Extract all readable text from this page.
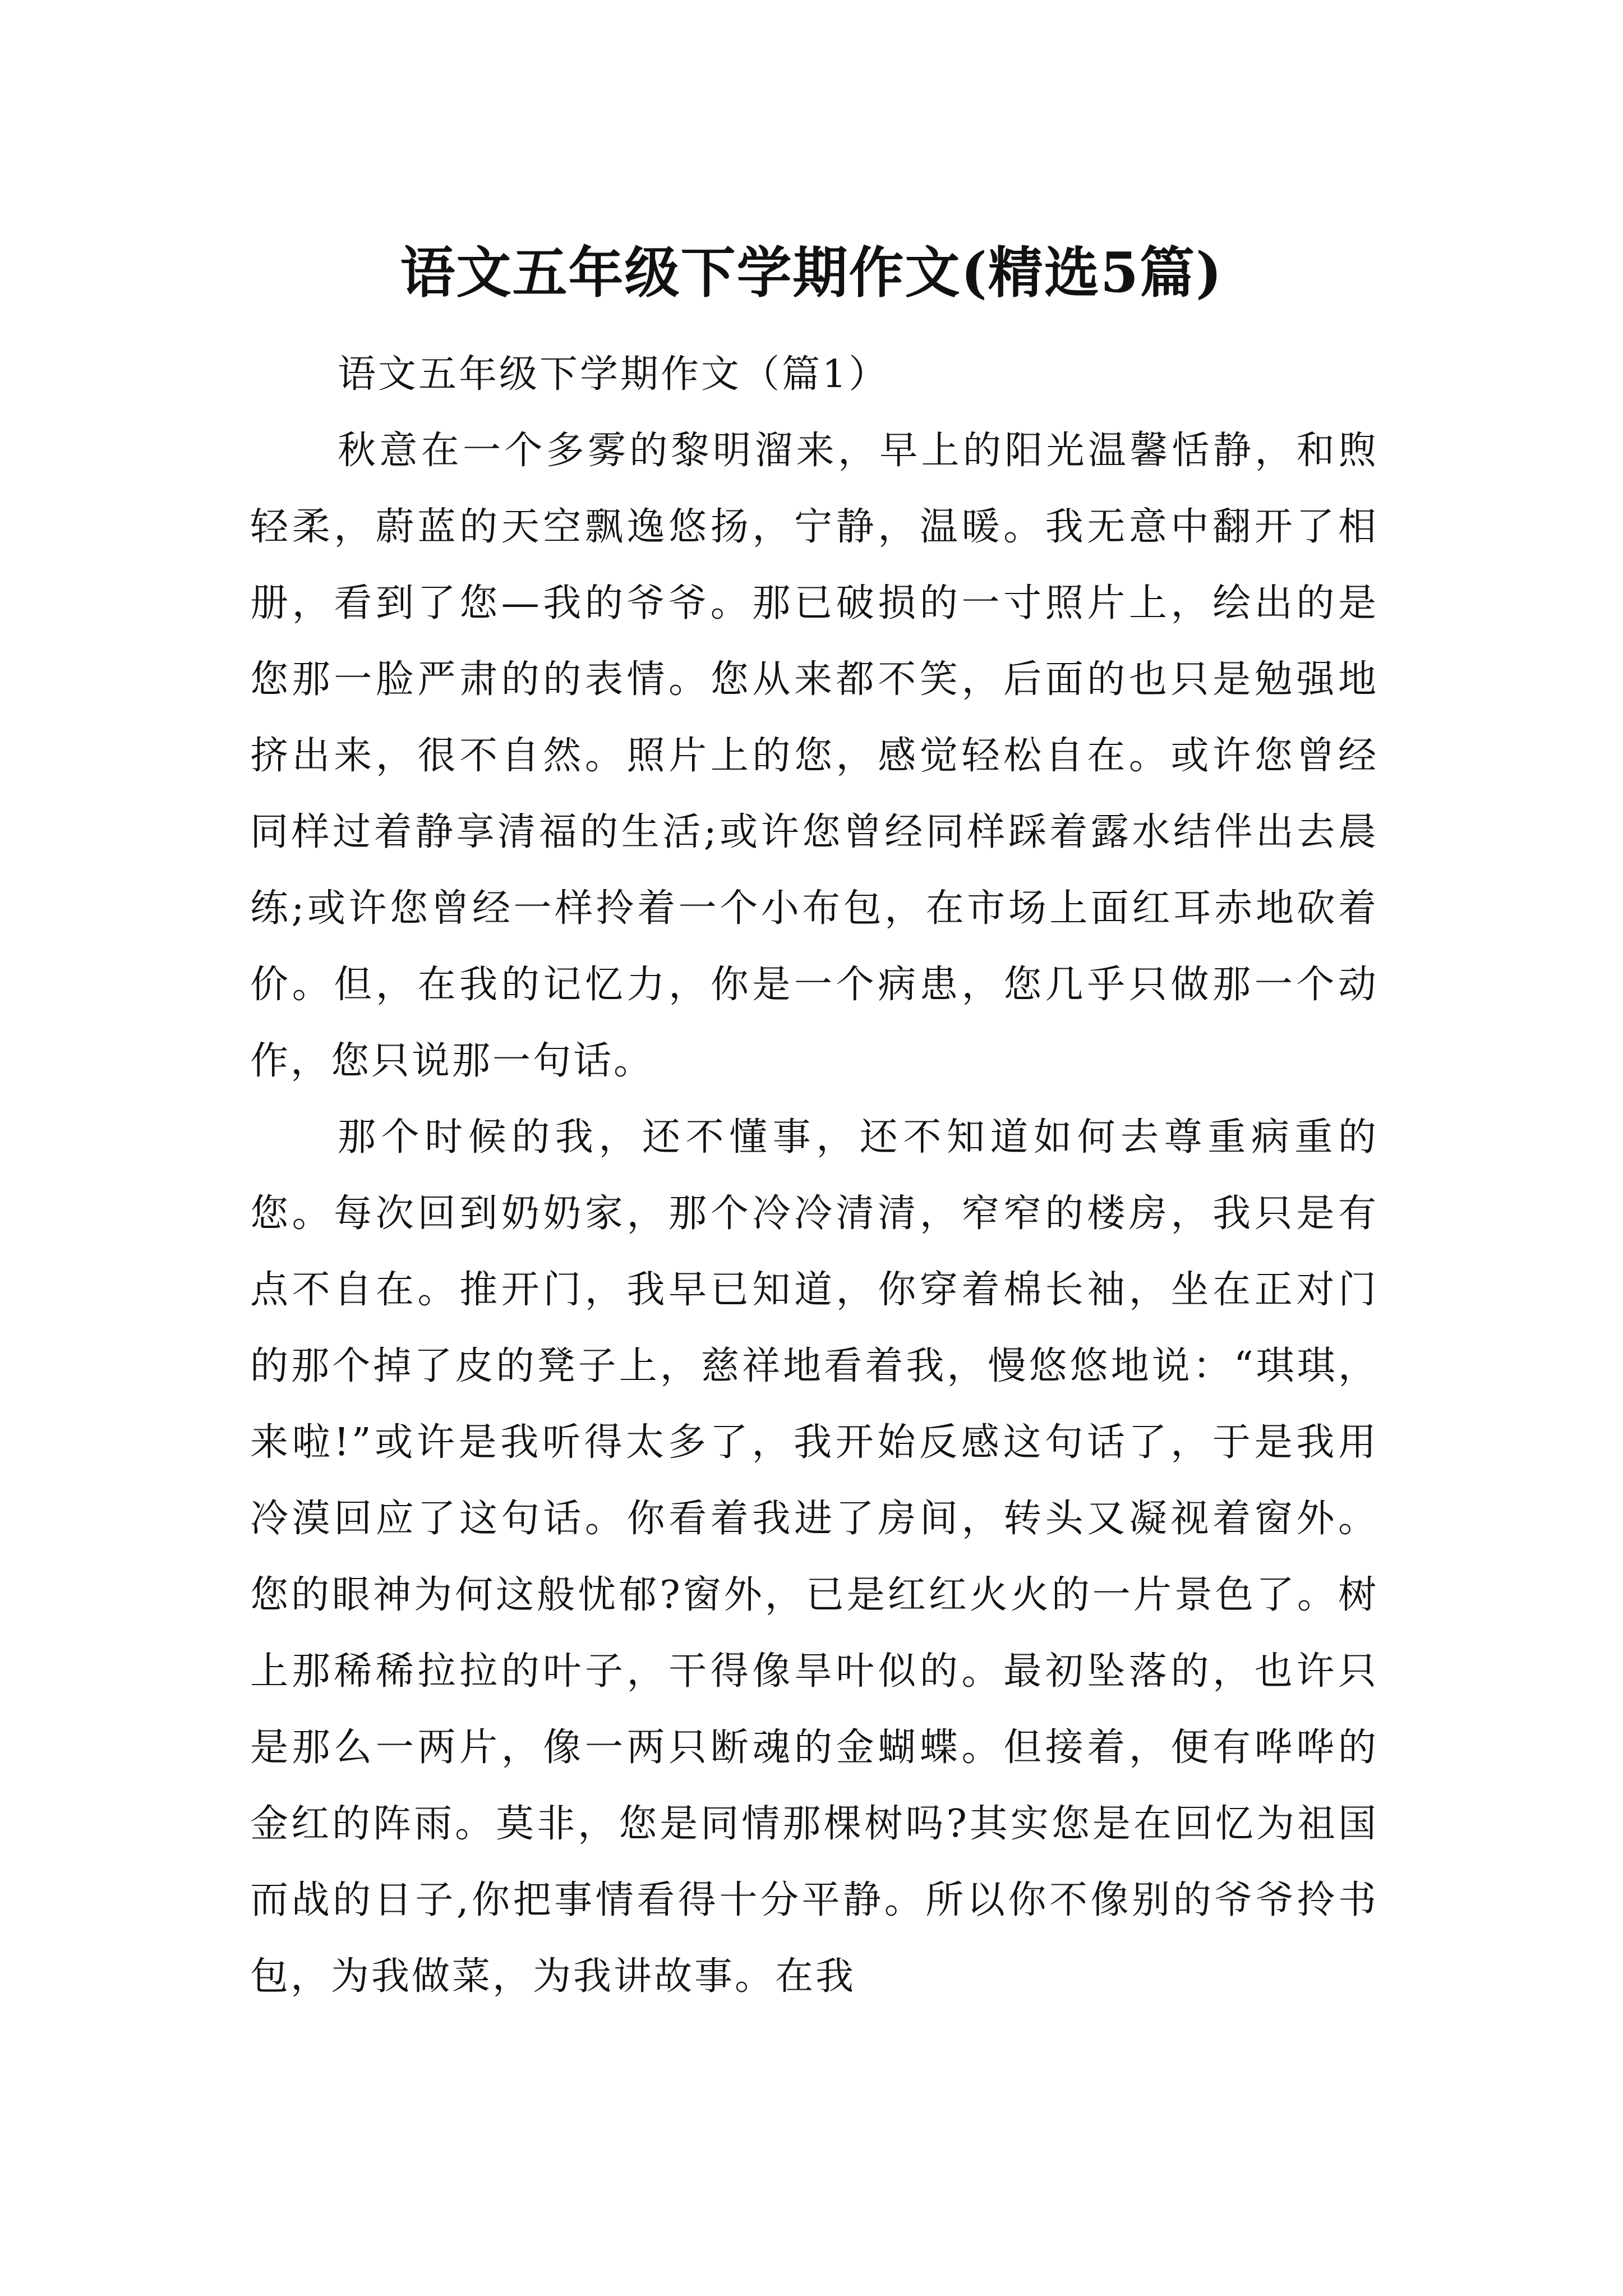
语文五年级下学期作文(精选5篇)

语文五年级下学期作文（篇1）

秋意在一个多雾的黎明溜来，早上的阳光温馨恬静，和煦轻柔，蔚蓝的天空飘逸悠扬，宁静，温暖。我无意中翻开了相册，看到了您—我的爷爷。那已破损的一寸照片上，绘出的是您那一脸严肃的的表情。您从来都不笑，后面的也只是勉强地挤出来，很不自然。照片上的您，感觉轻松自在。或许您曾经同样过着静享清福的生活;或许您曾经同样踩着露水结伴出去晨练;或许您曾经一样拎着一个小布包，在市场上面红耳赤地砍着价。但，在我的记忆力，你是一个病患，您几乎只做那一个动作，您只说那一句话。

那个时候的我，还不懂事，还不知道如何去尊重病重的您。每次回到奶奶家，那个冷冷清清，窄窄的楼房，我只是有点不自在。推开门，我早已知道，你穿着棉长袖，坐在正对门的那个掉了皮的凳子上，慈祥地看着我，慢悠悠地说：“琪琪，来啦!”或许是我听得太多了，我开始反感这句话了，于是我用冷漠回应了这句话。你看着我进了房间，转头又凝视着窗外。您的眼神为何这般忧郁?窗外，已是红红火火的一片景色了。树上那稀稀拉拉的叶子，干得像旱叶似的。最初坠落的，也许只是那么一两片，像一两只断魂的金蝴蝶。但接着，便有哗哗的金红的阵雨。莫非，您是同情那棵树吗?其实您是在回忆为祖国而战的日子,你把事情看得十分平静。所以你不像别的爷爷拎书包，为我做菜，为我讲故事。在我
